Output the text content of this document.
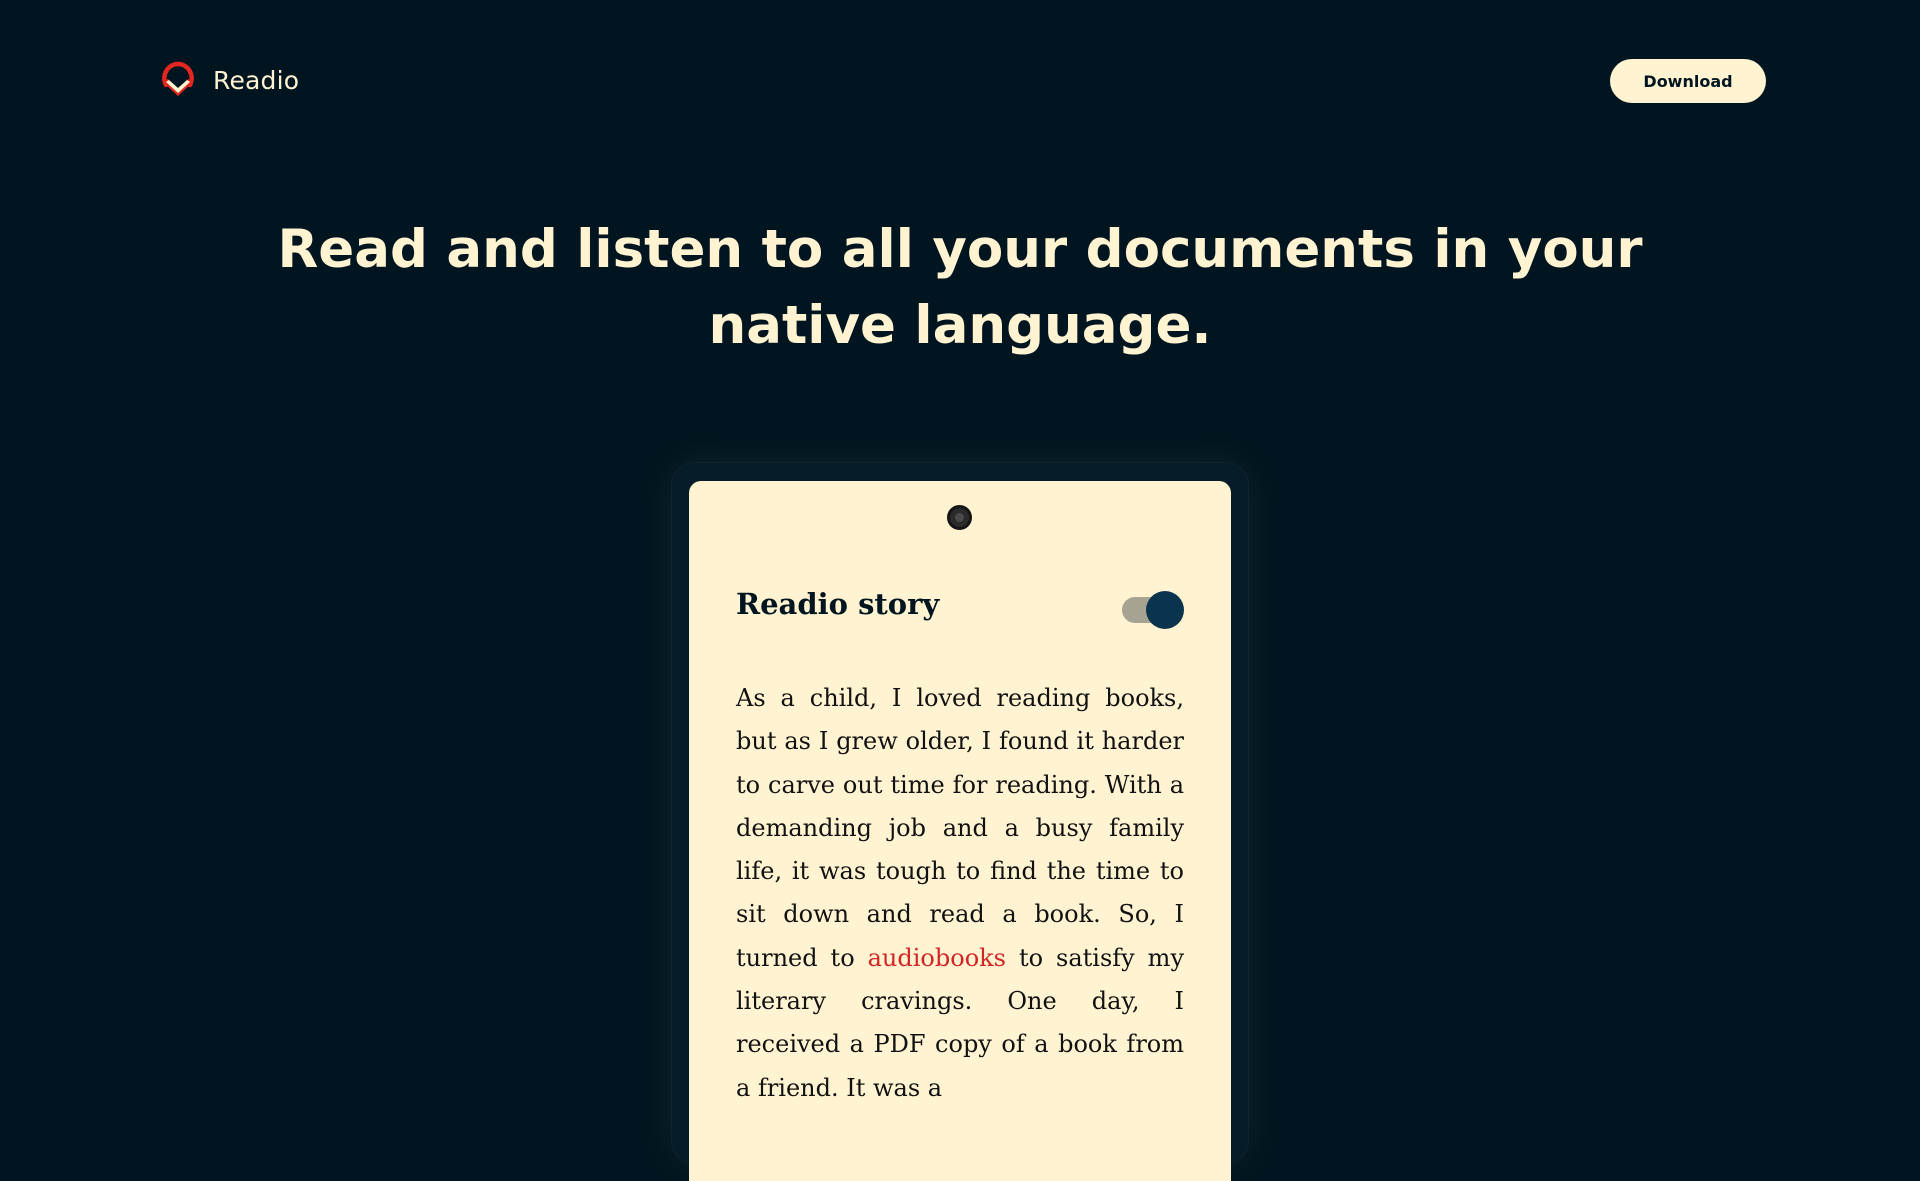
Readio	Download
Read and listen to all your documents in your native language.
Readio story

As a child, I loved reading books, but as I grew older, I found it harder to carve out time for reading. With a demanding job and a busy family life, it was tough to find the time to sit down and read a book. So, I turned to audiobooks to satisfy my literary cravings. One day, I received a PDF copy of a book from a friend. It was a
